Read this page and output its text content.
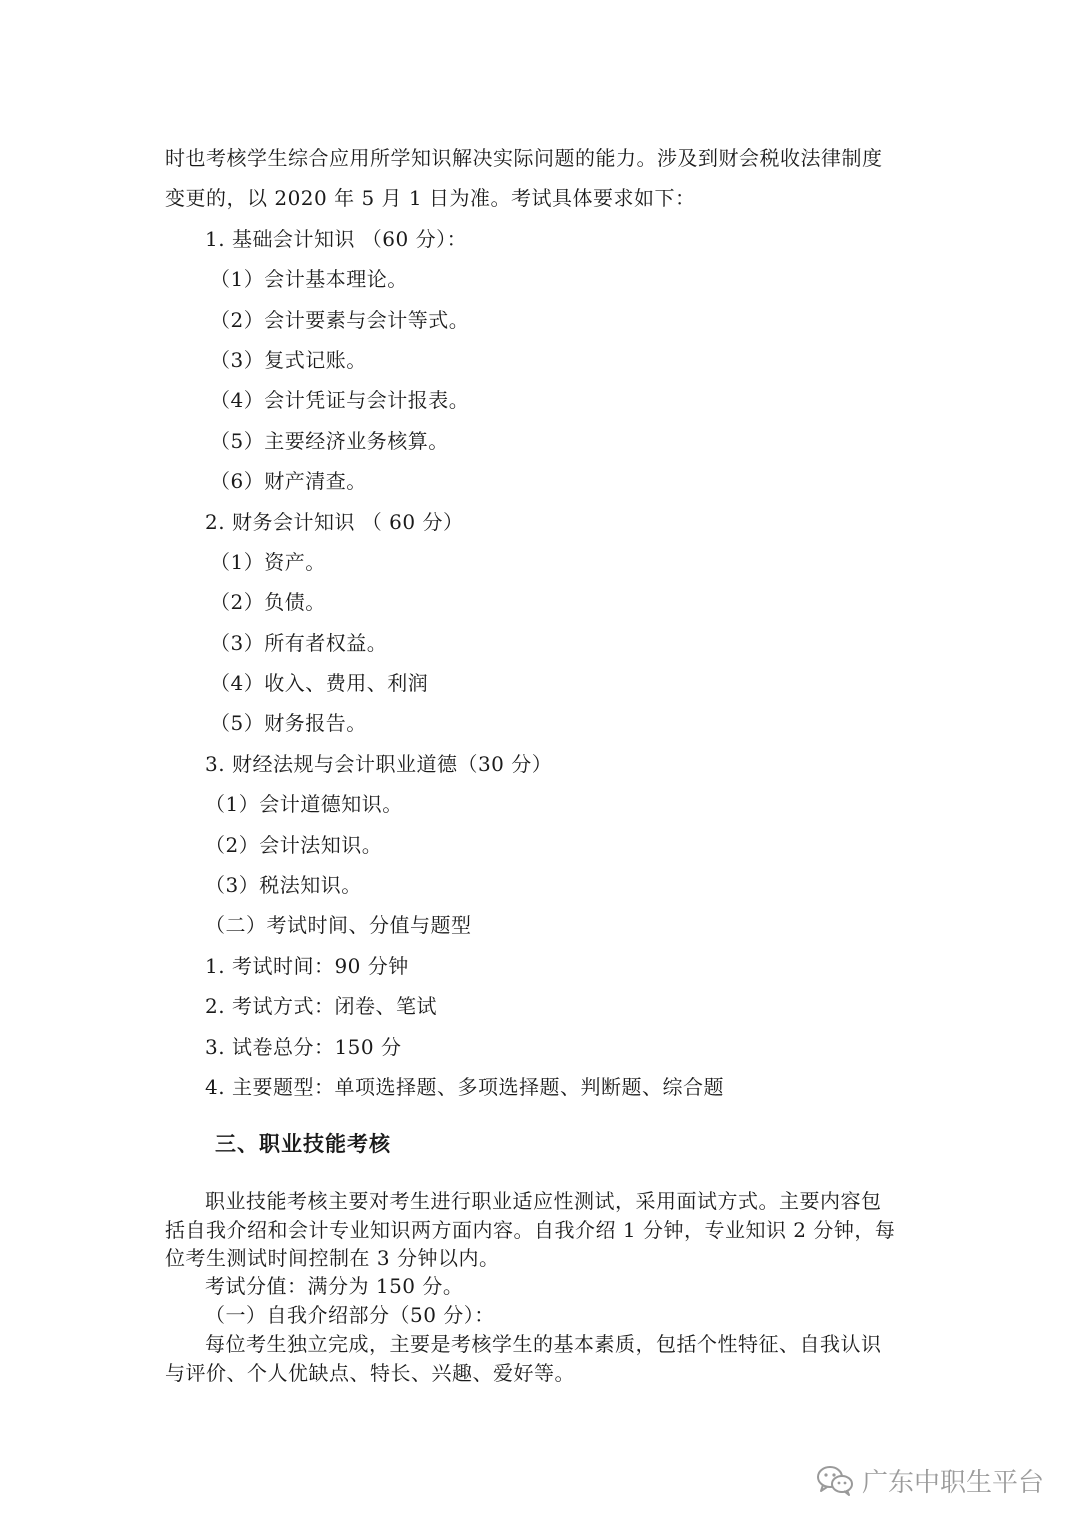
时也考核学生综合应用所学知识解决实际问题的能力。涉及到财会税收法律制度
变更的，以 2020 年 5 月 1 日为准。考试具体要求如下：
1. 基础会计知识 （60 分）：
（1）会计基本理论。
（2）会计要素与会计等式。
（3）复式记账。
（4）会计凭证与会计报表。
（5）主要经济业务核算。
（6）财产清查。
2. 财务会计知识 （ 60 分）
（1）资产。
（2）负债。
（3）所有者权益。
（4）收入、费用、利润
（5）财务报告。
3. 财经法规与会计职业道德（30 分）
（1）会计道德知识。
（2）会计法知识。
（3）税法知识。
（二）考试时间、分值与题型
1. 考试时间：90 分钟
2. 考试方式：闭卷、笔试
3. 试卷总分：150 分
4. 主要题型：单项选择题、多项选择题、判断题、综合题
三、职业技能考核
职业技能考核主要对考生进行职业适应性测试，采用面试方式。主要内容包
括自我介绍和会计专业知识两方面内容。自我介绍 1 分钟，专业知识 2 分钟，每
位考生测试时间控制在 3 分钟以内。
考试分值：满分为 150 分。
（一）自我介绍部分（50 分）：
每位考生独立完成，主要是考核学生的基本素质，包括个性特征、自我认识
与评价、个人优缺点、特长、兴趣、爱好等。
广东中职生平台
